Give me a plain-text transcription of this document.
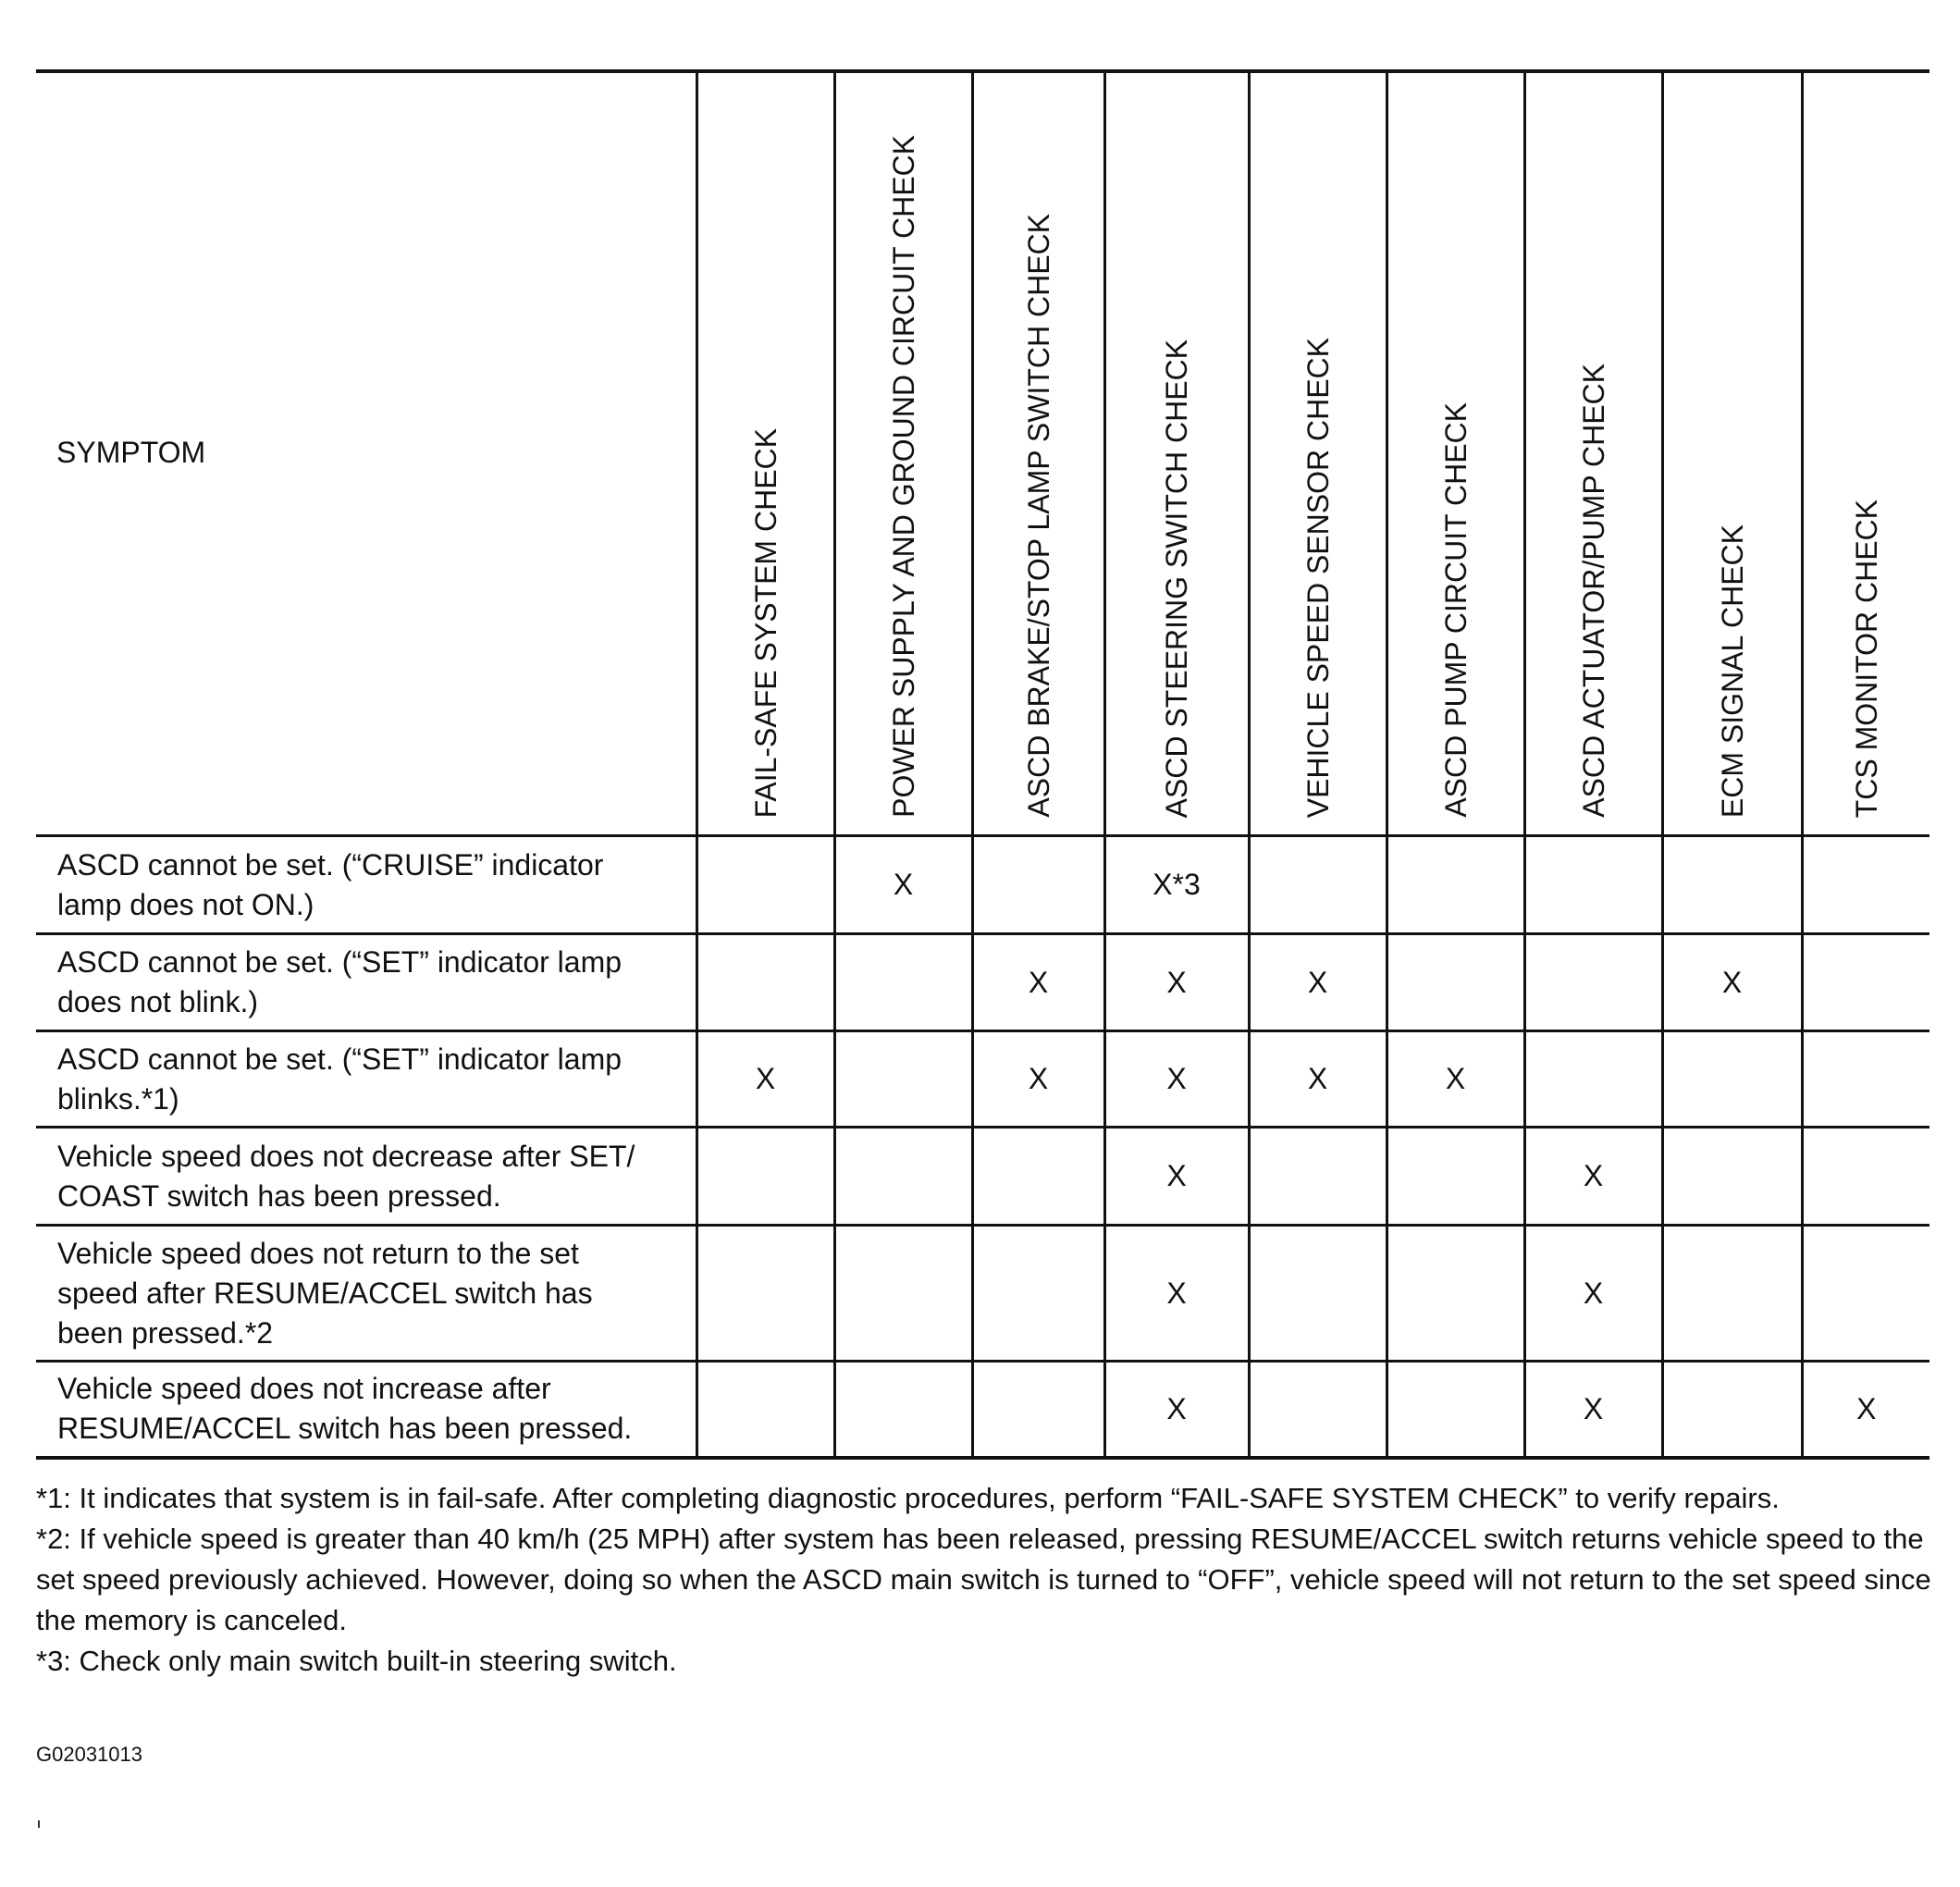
SYMPTOM	FAIL-SAFE SYSTEM CHECK	POWER SUPPLY AND GROUND CIRCUIT CHECK	ASCD BRAKE/STOP LAMP SWITCH CHECK	ASCD STEERING SWITCH CHECK	VEHICLE SPEED SENSOR CHECK	ASCD PUMP CIRCUIT CHECK	ASCD ACTUATOR/PUMP CHECK	ECM SIGNAL CHECK	TCS MONITOR CHECK

ASCD cannot be set. (“CRUISE” indicator
lamp does not ON.)		X		X*3					

ASCD cannot be set. (“SET” indicator lamp
does not blink.)			X	X	X			X	

ASCD cannot be set. (“SET” indicator lamp
blinks.*1)	X		X	X	X	X			

Vehicle speed does not decrease after SET/
COAST switch has been pressed.				X			X		

Vehicle speed does not return to the set
speed after RESUME/ACCEL switch has
been pressed.*2				X			X		

Vehicle speed does not increase after
RESUME/ACCEL switch has been pressed.				X			X		X
*1: It indicates that system is in fail-safe. After completing diagnostic procedures, perform “FAIL-SAFE SYSTEM CHECK” to verify repairs.
*2: If vehicle speed is greater than 40 km/h (25 MPH) after system has been released, pressing RESUME/ACCEL switch returns vehicle speed to the set speed previously achieved. However, doing so when the ASCD main switch is turned to “OFF”, vehicle speed will not return to the set speed since the memory is canceled.
*3: Check only main switch built-in steering switch.
G02031013
